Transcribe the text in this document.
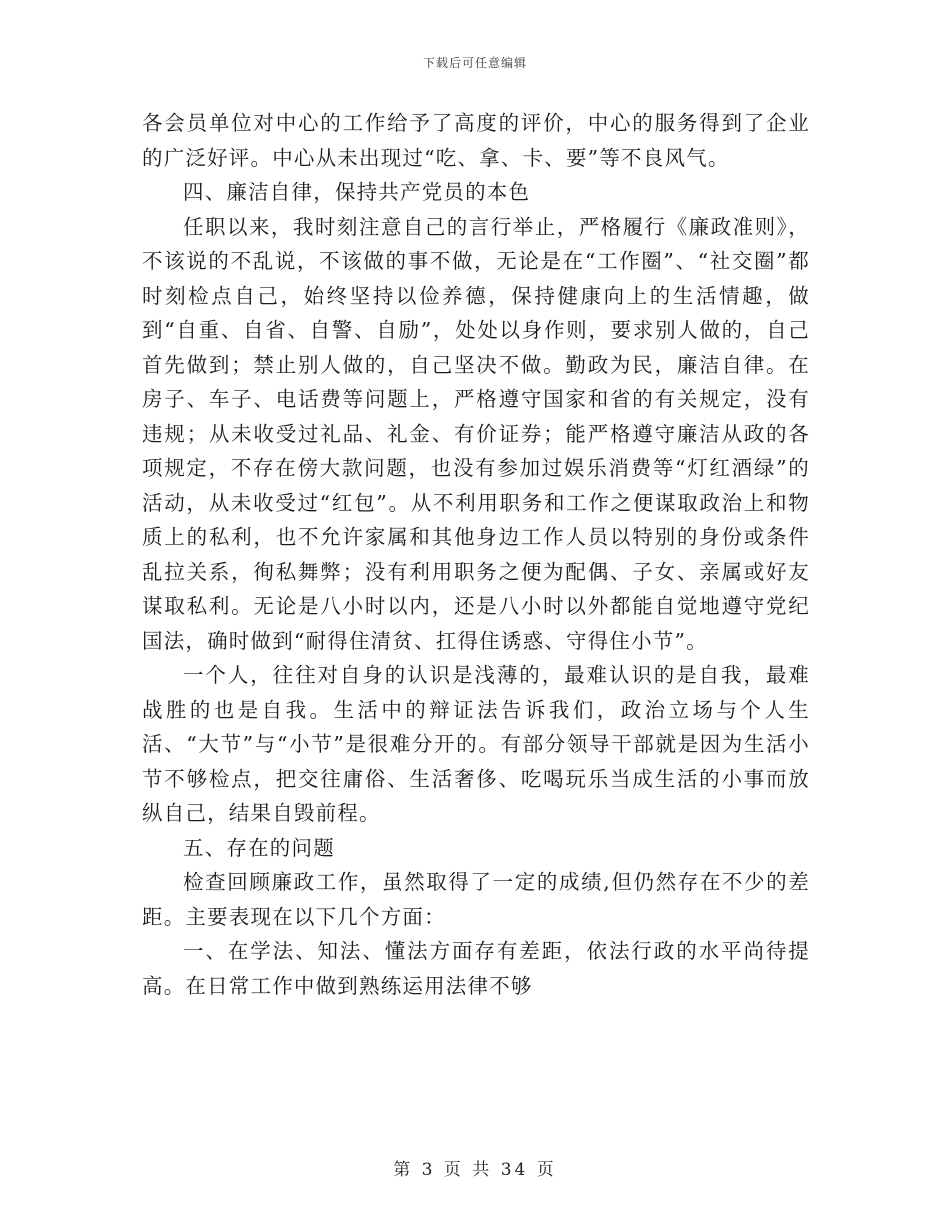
下载后可任意编辑

各会员单位对中心的工作给予了高度的评价，中心的服务得到了企业的广泛好评。中心从未出现过“吃、拿、卡、要”等不良风气。

四、廉洁自律，保持共产党员的本色

任职以来，我时刻注意自己的言行举止，严格履行《廉政准则》，不该说的不乱说，不该做的事不做，无论是在“工作圈”、“社交圈”都时刻检点自己，始终坚持以俭养德，保持健康向上的生活情趣，做到“自重、自省、自警、自励”，处处以身作则，要求别人做的，自己首先做到；禁止别人做的，自己坚决不做。勤政为民，廉洁自律。在房子、车子、电话费等问题上，严格遵守国家和省的有关规定，没有违规；从未收受过礼品、礼金、有价证券；能严格遵守廉洁从政的各项规定，不存在傍大款问题，也没有参加过娱乐消费等“灯红酒绿”的活动，从未收受过“红包”。从不利用职务和工作之便谋取政治上和物质上的私利，也不允许家属和其他身边工作人员以特别的身份或条件乱拉关系，徇私舞弊；没有利用职务之便为配偶、子女、亲属或好友谋取私利。无论是八小时以内，还是八小时以外都能自觉地遵守党纪国法，确时做到“耐得住清贫、扛得住诱惑、守得住小节”。

一个人，往往对自身的认识是浅薄的，最难认识的是自我，最难战胜的也是自我。生活中的辩证法告诉我们，政治立场与个人生活、“大节”与“小节”是很难分开的。有部分领导干部就是因为生活小节不够检点，把交往庸俗、生活奢侈、吃喝玩乐当成生活的小事而放纵自己，结果自毁前程。

五、存在的问题

检查回顾廉政工作，虽然取得了一定的成绩,但仍然存在不少的差距。主要表现在以下几个方面：

一、在学法、知法、懂法方面存有差距，依法行政的水平尚待提高。在日常工作中做到熟练运用法律不够

第 3 页 共 34 页
